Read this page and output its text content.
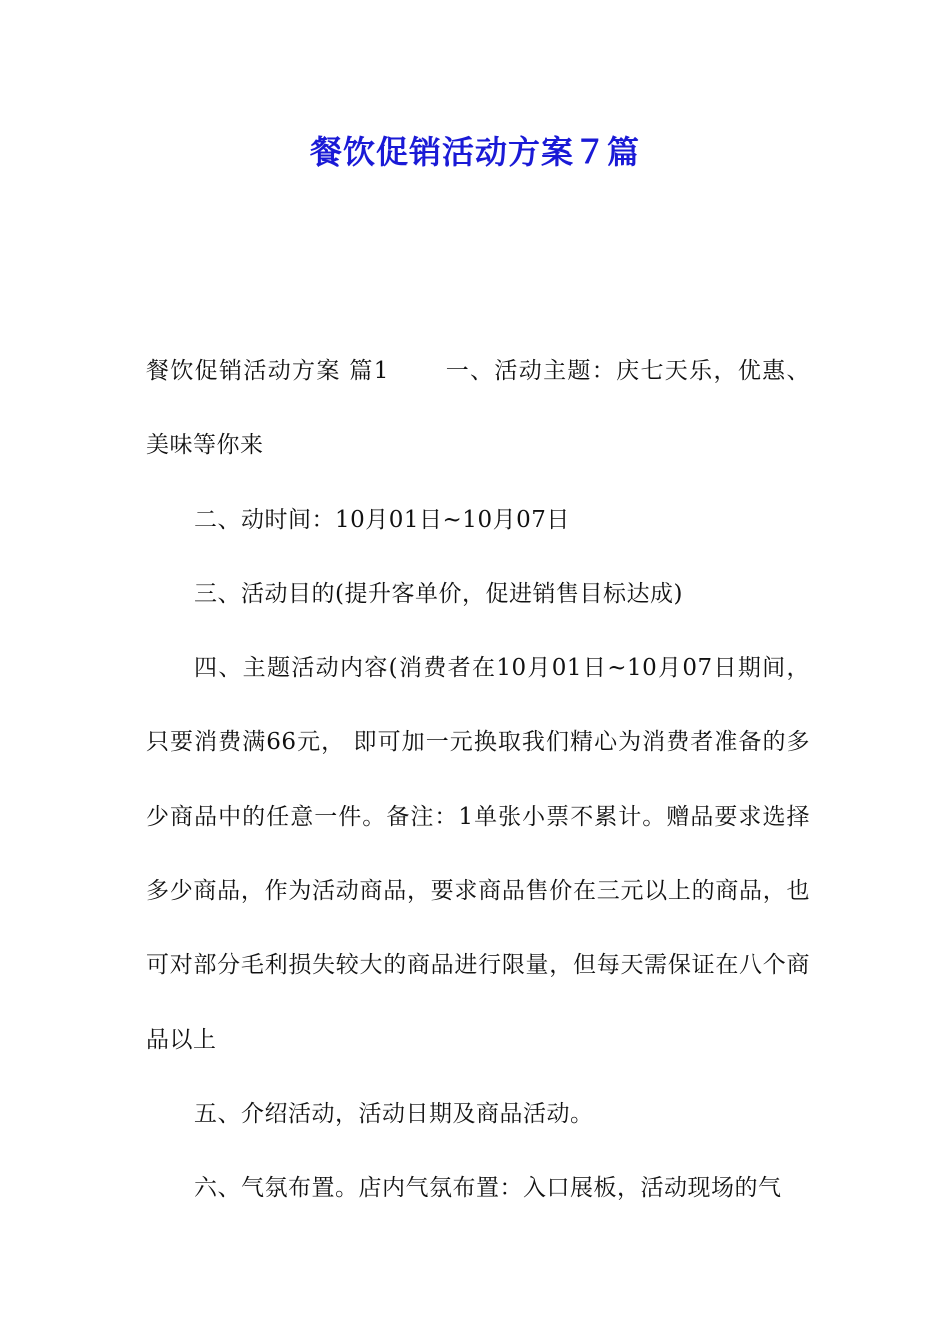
餐饮促销活动方案７篇

餐饮促销活动方案 篇1 一、活动主题：庆七天乐，优惠、美味等你来

二、动时间：10月01日~10月07日

三、活动目的(提升客单价，促进销售目标达成)

四、主题活动内容(消费者在10月01日~10月07日期间，只要消费满66元， 即可加一元换取我们精心为消费者准备的多少商品中的任意一件。备注：1单张小票不累计。赠品要求选择多少商品，作为活动商品，要求商品售价在三元以上的商品，也可对部分毛利损失较大的商品进行限量，但每天需保证在八个商品以上

五、介绍活动，活动日期及商品活动。

六、气氛布置。店内气氛布置：入口展板，活动现场的气
